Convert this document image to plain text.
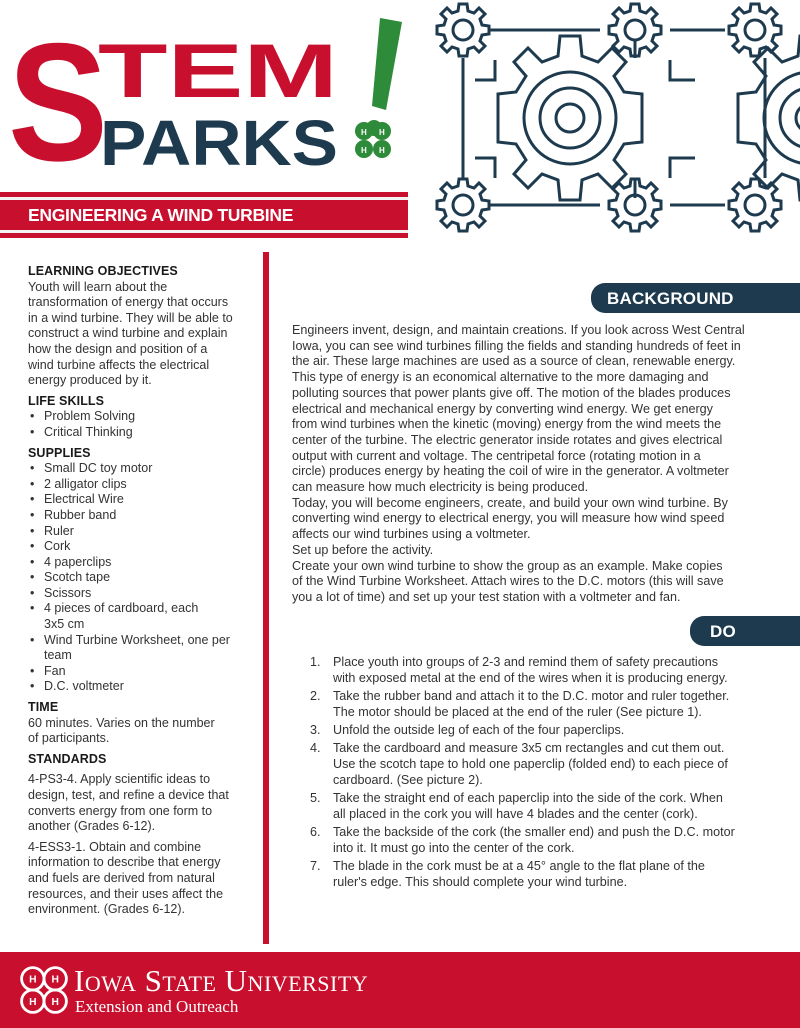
S
TEM
PARKS	H H
H H
ENGINEERING A WIND TURBINE
LEARNING OBJECTIVES

Youth will learn about the
transformation of energy that occurs
in a wind turbine. They will be able to
construct a wind turbine and explain
how the design and position of a
wind turbine affects the electrical
energy produced by it.

LIFE SKILLS
• Problem Solving
• Critical Thinking
SUPPLIES
• Small DC toy motor
• 2 alligator clips
• Electrical Wire
• Rubber band
• Ruler
• Cork
• 4 paperclips
• Scotch tape
• Scissors
• 4 pieces of cardboard, each 3x5 cm
• Wind Turbine Worksheet, one per team
• Fan
• D.C. voltmeter
TIME

60 minutes. Varies on the number
of participants.

STANDARDS

4-PS3-4. Apply scientific ideas to
design, test, and refine a device that
converts energy from one form to
another (Grades 6-12).

4-ESS3-1. Obtain and combine
information to describe that energy
and fuels are derived from natural
resources, and their uses affect the
environment. (Grades 6-12).

BACKGROUND

Engineers invent, design, and maintain creations. If you look across West Central
Iowa, you can see wind turbines filling the fields and standing hundreds of feet in
the air. These large machines are used as a source of clean, renewable energy.
This type of energy is an economical alternative to the more damaging and
polluting sources that power plants give off. The motion of the blades produces
electrical and mechanical energy by converting wind energy. We get energy
from wind turbines when the kinetic (moving) energy from the wind meets the
center of the turbine. The electric generator inside rotates and gives electrical
output with current and voltage. The centripetal force (rotating motion in a
circle) produces energy by heating the coil of wire in the generator. A voltmeter
can measure how much electricity is being produced.
Today, you will become engineers, create, and build your own wind turbine. By
converting wind energy to electrical energy, you will measure how wind speed
affects our wind turbines using a voltmeter.
Set up before the activity.
Create your own wind turbine to show the group as an example. Make copies
of the Wind Turbine Worksheet. Attach wires to the D.C. motors (this will save
you a lot of time) and set up your test station with a voltmeter and fan.

DO
1. Place youth into groups of 2-3 and remind them of safety precautions
with exposed metal at the end of the wires when it is producing energy.
2. Take the rubber band and attach it to the D.C. motor and ruler together.
The motor should be placed at the end of the ruler (See picture 1).
3. Unfold the outside leg of each of the four paperclips.
4. Take the cardboard and measure 3x5 cm rectangles and cut them out.
Use the scotch tape to hold one paperclip (folded end) to each piece of
cardboard. (See picture 2).
5. Take the straight end of each paperclip into the side of the cork. When
all placed in the cork you will have 4 blades and the center (cork).
6. Take the backside of the cork (the smaller end) and push the D.C. motor
into it. It must go into the center of the cork.
7. The blade in the cork must be at a 45° angle to the flat plane of the
ruler's edge. This should complete your wind turbine.
H H
H H
Iowa State University
Extension and Outreach
